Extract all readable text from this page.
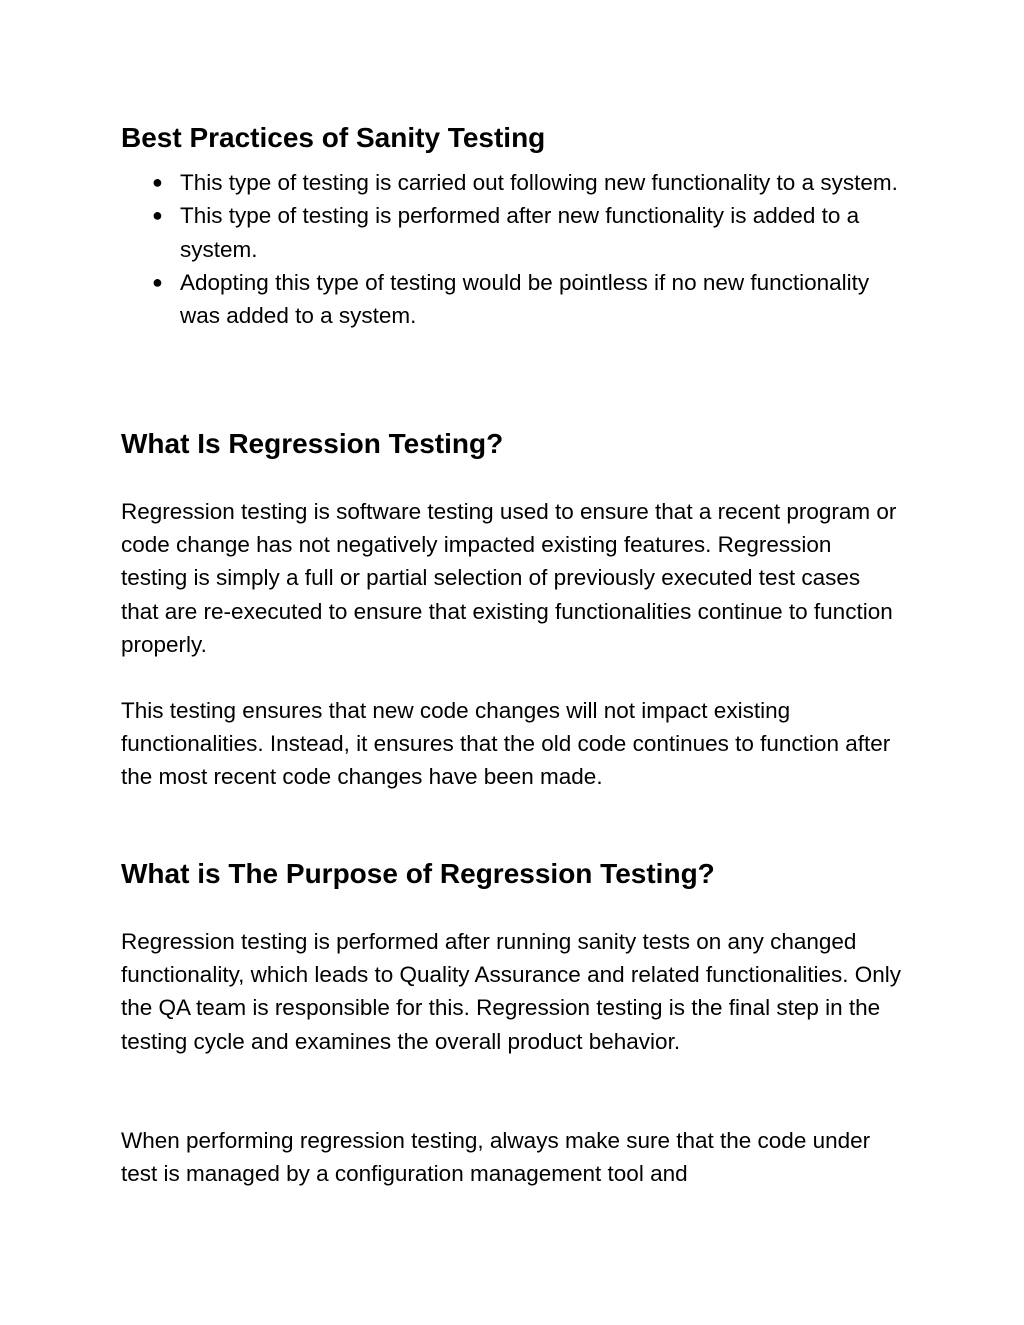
Best Practices of Sanity Testing
● This type of testing is carried out following new functionality to a system.
● This type of testing is performed after new functionality is added to a system.
● Adopting this type of testing would be pointless if no new functionality was added to a system.
What Is Regression Testing?

Regression testing is software testing used to ensure that a recent program or code change has not negatively impacted existing features. Regression testing is simply a full or partial selection of previously executed test cases that are re-executed to ensure that existing functionalities continue to function properly.

This testing ensures that new code changes will not impact existing functionalities. Instead, it ensures that the old code continues to function after the most recent code changes have been made.

What is The Purpose of Regression Testing?

Regression testing is performed after running sanity tests on any changed functionality, which leads to Quality Assurance and related functionalities. Only the QA team is responsible for this. Regression testing is the final step in the testing cycle and examines the overall product behavior.

When performing regression testing, always make sure that the code under test is managed by a configuration management tool and
